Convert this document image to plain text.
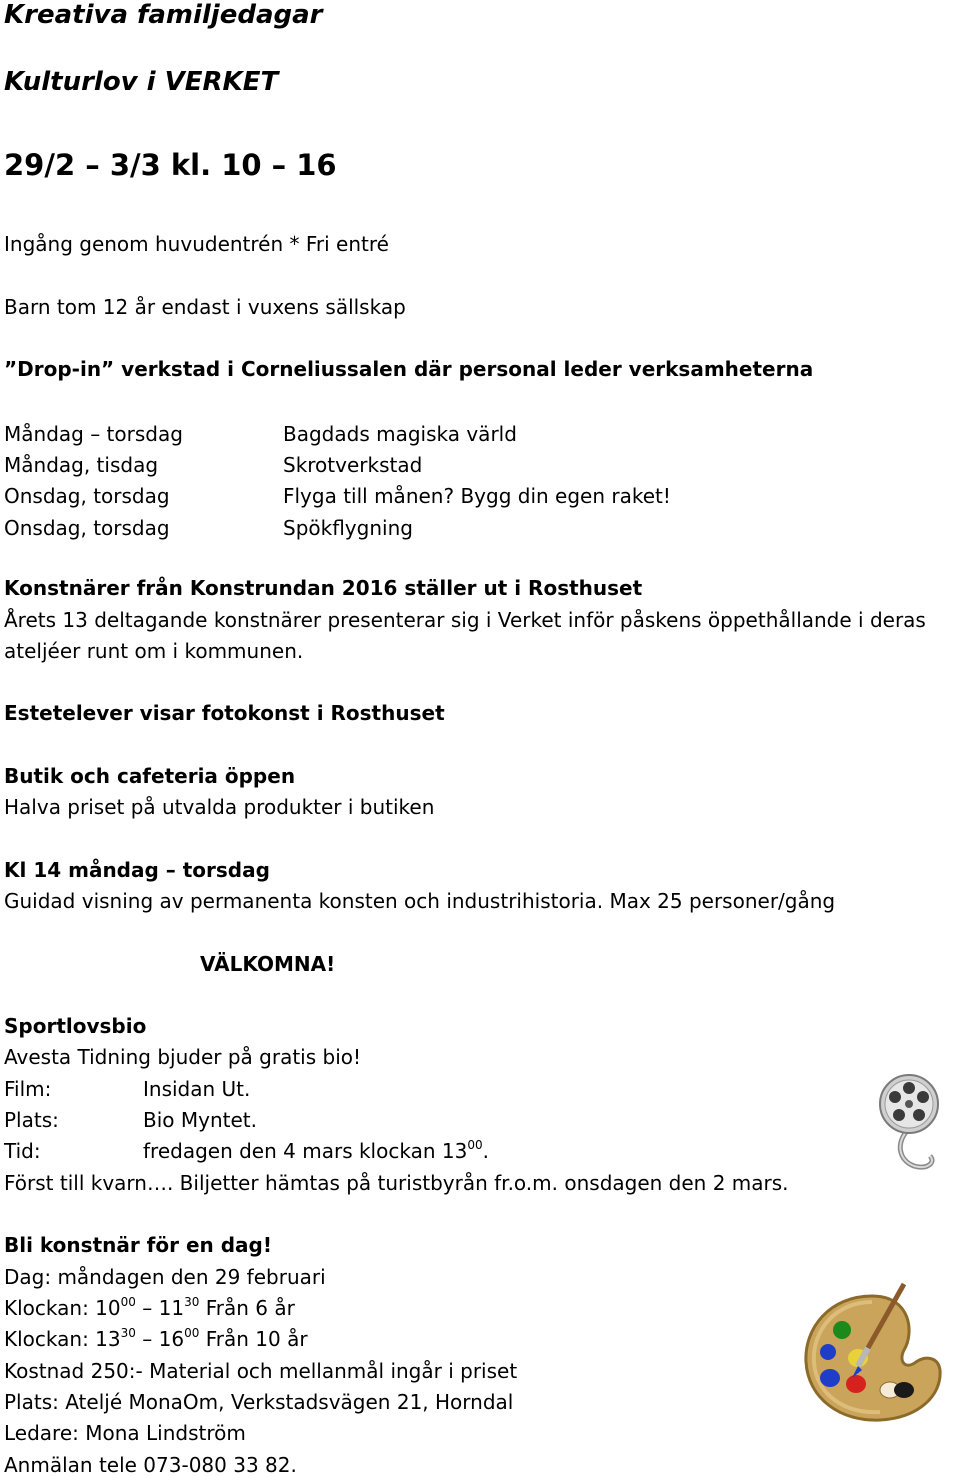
Kreativa familjedagar
Kulturlov i VERKET
29/2 – 3/3 kl. 10 – 16
Ingång genom huvudentrén * Fri entré
Barn tom 12 år endast i vuxens sällskap
”Drop-in” verkstad i Corneliussalen där personal leder verksamheterna
Måndag – torsdag	Bagdads magiska värld
Måndag, tisdag	Skrotverkstad
Onsdag, torsdag	Flyga till månen? Bygg din egen raket!
Onsdag, torsdag	Spökflygning
Konstnärer från Konstrundan 2016 ställer ut i Rosthuset
Årets 13 deltagande konstnärer presenterar sig i Verket inför påskens öppethållande i deras
ateljéer runt om i kommunen.
Estetelever visar fotokonst i Rosthuset
Butik och cafeteria öppen
Halva priset på utvalda produkter i butiken
Kl 14 måndag – torsdag
Guidad visning av permanenta konsten och industrihistoria. Max 25 personer/gång
VÄLKOMNA!
Sportlovsbio
Avesta Tidning bjuder på gratis bio!
Film:	Insidan Ut.
Plats:	Bio Myntet.
Tid:	fredagen den 4 mars klockan $13^{00}$.
Först till kvarn…. Biljetter hämtas på turistbyrån fr.o.m. onsdagen den 2 mars.
Bli konstnär för en dag!
Dag: måndagen den 29 februari
Klockan: $10^{00} - 11^{30}$ Från 6 år
Klockan: $13^{30} - 16^{00}$ Från 10 år
Kostnad 250:- Material och mellanmål ingår i priset
Plats: Ateljé MonaOm, Verkstadsvägen 21, Horndal
Ledare: Mona Lindström
Anmälan tele 073-080 33 82.
